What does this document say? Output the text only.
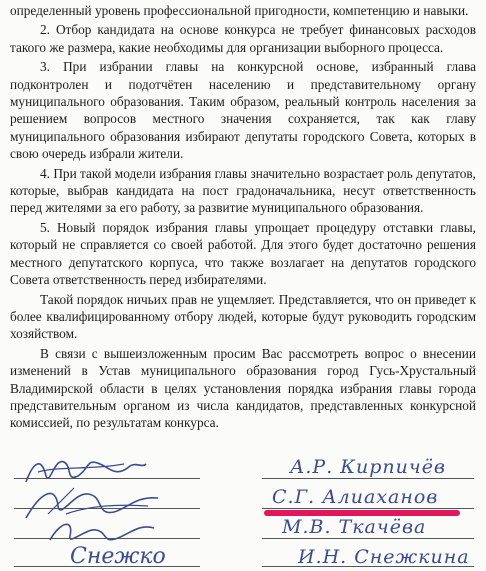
определенный уровень профессиональной пригодности, компетенцию и навыки.

2. Отбор кандидата на основе конкурса не требует финансовых расходов такого же размера, какие необходимы для организации выборного процесса.

3. При избрании главы на конкурсной основе, избранный глава подконтролен и подотчётен населению и представительному органу муниципального образования. Таким образом, реальный контроль населения за решением вопросов местного значения сохраняется, так как главу муниципального образования избирают депутаты городского Совета, которых в свою очередь избрали жители.

4. При такой модели избрания главы значительно возрастает роль депутатов, которые, выбрав кандидата на пост градоначальника, несут ответственность перед жителями за его работу, за развитие муниципального образования.

5. Новый порядок избрания главы упрощает процедуру отставки главы, который не справляется со своей работой. Для этого будет достаточно решения местного депутатского корпуса, что также возлагает на депутатов городского Совета ответственность перед избирателями.

Такой порядок ничьих прав не ущемляет. Представляется, что он приведет к более квалифицированному отбору людей, которые будут руководить городским хозяйством.

В связи с вышеизложенным просим Вас рассмотреть вопрос о внесении изменений в Устав муниципального образования город Гусь-Хрустальный Владимирской области в целях установления порядка избрания главы города представительным органом из числа кандидатов, представленных конкурсной комиссией, по результатам конкурса.

Снежко
А.Р. Кирпичёв
С.Г. Алиаханов
М.В. Ткачёва
И.Н. Снежкина
